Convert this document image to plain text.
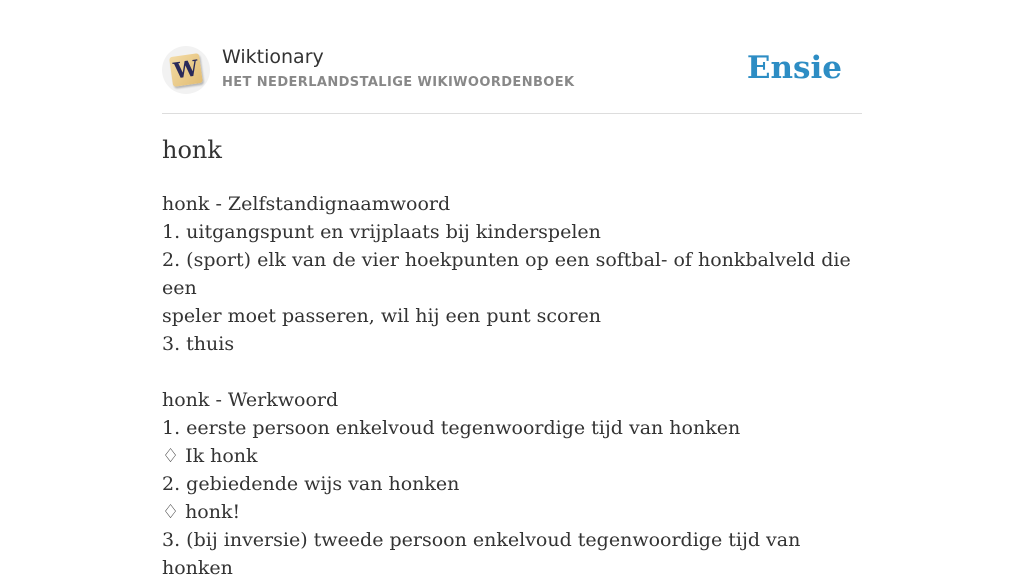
W Wiktionary
HET NEDERLANDSTALIGE WIKIWOORDENBOEK	Ensie
honk
honk - Zelfstandignaamwoord
1. uitgangspunt en vrijplaats bij kinderspelen
2. (sport) elk van de vier hoekpunten op een softbal- of honkbalveld die een
speler moet passeren, wil hij een punt scoren
3. thuis
honk - Werkwoord
1. eerste persoon enkelvoud tegenwoordige tijd van honken
♢ Ik honk
2. gebiedende wijs van honken
♢ honk!
3. (bij inversie) tweede persoon enkelvoud tegenwoordige tijd van honken
